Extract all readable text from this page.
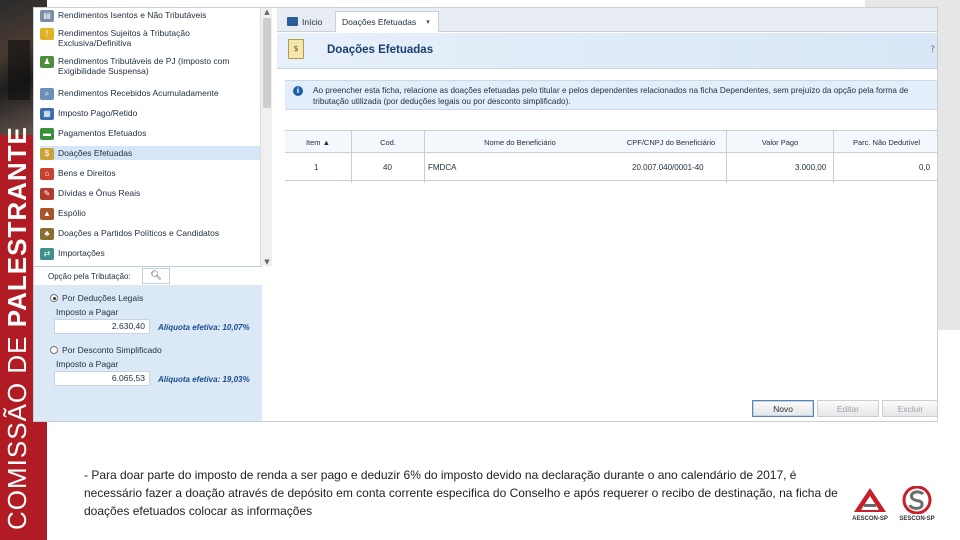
COMISSÃO DE PALESTRANTE
▤ Rendimentos Isentos e Não Tributáveis
!	Rendimentos Sujeitos à Tributação Exclusiva/Definitiva
♟ Rendimentos Tributáveis de PJ (Imposto com Exigibilidade Suspensa)
⌕	Rendimentos Recebidos Acumuladamente
▦ Imposto Pago/Retido
▬ Pagamentos Efetuados
$	Doações Efetuadas
⌂	Bens e Direitos
✎ Dívidas e Ônus Reais
▲ Espólio
♣ Doações a Partidos Políticos e Candidatos
⇄ Importações
▲
▼
Opção pela Tributação: 🔍︎
Por Deduções Legais
Imposto a Pagar
2.630,40	Alíquota efetiva: 10,07%
Por Desconto Simplificado
Imposto a Pagar
6.065,53	Alíquota efetiva: 19,03%
Início Doações Efetuadas ▾
$	Doações Efetuadas	?
i	Ao preencher esta ficha, relacione as doações efetuadas pelo titular e pelos dependentes relacionados na ficha Dependentes, sem prejuízo da opção pela forma de tributação utilizada (por deduções legais ou por desconto simplificado).
Item ▲	Cod.	Nome do Beneficiário	CPF/CNPJ do Beneficiário	Valor Pago	Parc. Não Dedutível
1	40	FMDCA	20.007.040/0001-40	3.000,00	0,0
Novo	Editar	Excluir
- Para doar parte do imposto de renda a ser pago e deduzir 6% do imposto devido na declaração durante o ano calendário de 2017, é necessário fazer a doação através de depósito em conta corrente especifica do Conselho e após requerer o recibo de destinação, na ficha de doações efetuados colocar as informações
AESCON-SP	SESCON-SP
